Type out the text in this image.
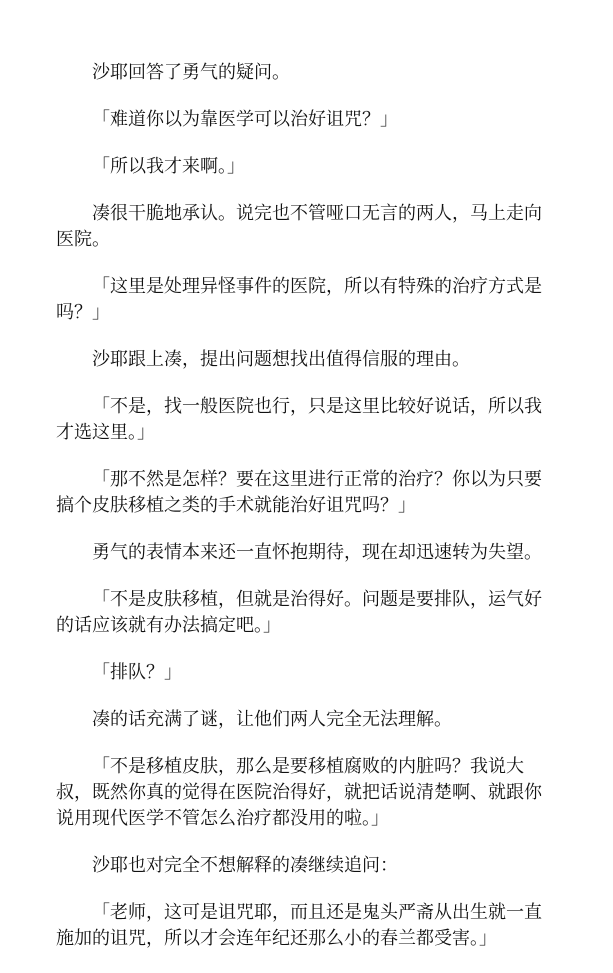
沙耶回答了勇气的疑问。

「难道你以为靠医学可以治好诅咒？」

「所以我才来啊。」

凑很干脆地承认。说完也不管哑口无言的两人，马上走向医院。

「这里是处理异怪事件的医院，所以有特殊的治疗方式是吗？」

沙耶跟上凑，提出问题想找出值得信服的理由。

「不是，找一般医院也行，只是这里比较好说话，所以我才选这里。」

「那不然是怎样？要在这里进行正常的治疗？你以为只要搞个皮肤移植之类的手术就能治好诅咒吗？」

勇气的表情本来还一直怀抱期待，现在却迅速转为失望。

「不是皮肤移植，但就是治得好。问题是要排队，运气好的话应该就有办法搞定吧。」

「排队？」

凑的话充满了谜，让他们两人完全无法理解。

「不是移植皮肤，那么是要移植腐败的内脏吗？我说大叔，既然你真的觉得在医院治得好，就把话说清楚啊、就跟你说用现代医学不管怎么治疗都没用的啦。」

沙耶也对完全不想解释的凑继续追问：

「老师，这可是诅咒耶，而且还是鬼头严斋从出生就一直施加的诅咒，所以才会连年纪还那么小的春兰都受害。」
